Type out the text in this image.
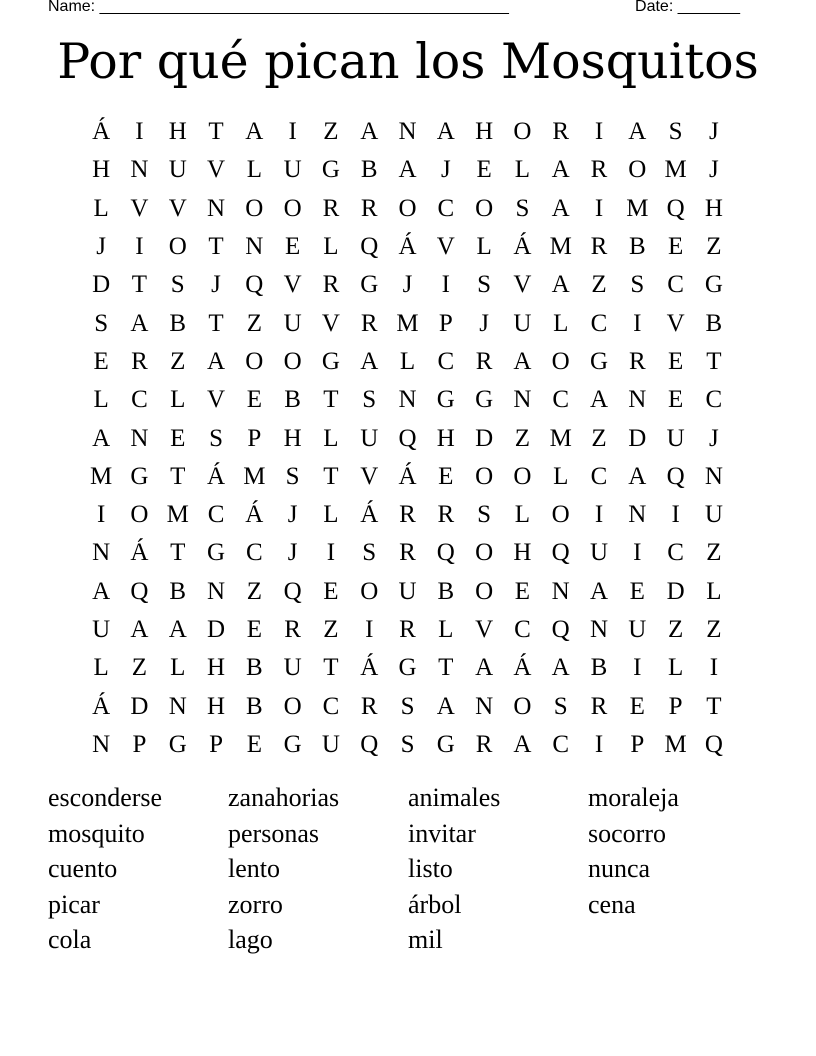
Name: ______________________________________________	Date: _______
Por qué pican los Mosquitos
Á	I	H T A	I	Z A N A H O R	I	A S	J
H N U V L U G B A J	E L A R O M J
L V V N O O R R O C O S A	I M Q H
J	I	O T N E L Q Á V L Á M R B E Z
D T S	J Q V R G J	I	S V A Z S C G
S A B T Z U V R M P	J U L C	I	V B
E R Z A O O G A L C R A O G R E T
L C L V E B T S N G G N C A N E C
A N E S P H L U Q H D Z M Z D U J
M G T Á M S T V Á E O O L C A Q N
I	O M C Á J	L Á R R S L O	I	N	I	U
N Á T G C	J	I	S R Q O H Q U	I	C Z
A Q B N Z Q E O U B O E N A E D L
U A A D E R Z	I	R L V C Q N U Z Z
L Z L H B U T Á G T A Á A B	I	L	I
Á D N H B O C R S A N O S R E P T
N P G P E G U Q S G R A C	I	P M Q
esconderse	zanahorias	animales	moraleja
mosquito	personas	invitar	socorro
cuento	lento	listo	nunca
picar	zorro	árbol	cena
cola	lago	mil
